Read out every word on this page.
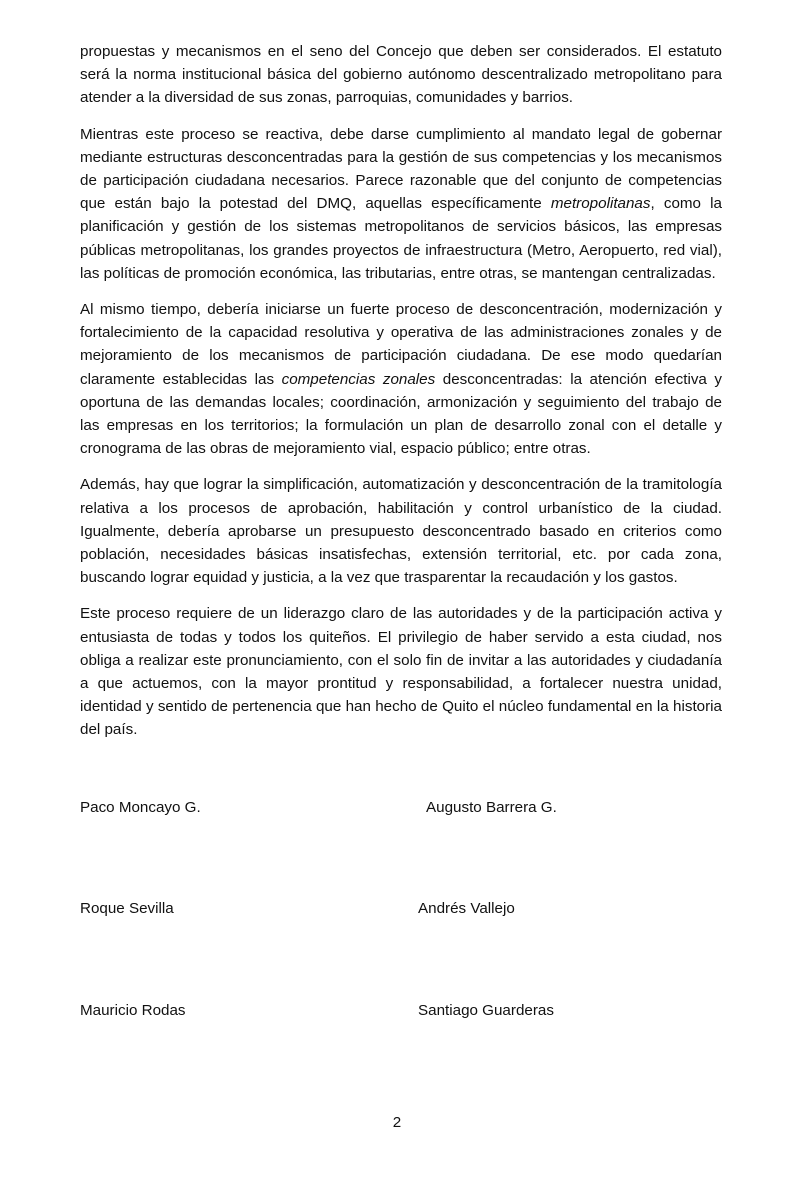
propuestas y mecanismos en el seno del Concejo que deben ser considerados. El estatuto será la norma institucional básica del gobierno autónomo descentralizado metropolitano para atender a la diversidad de sus zonas, parroquias, comunidades y barrios.

Mientras este proceso se reactiva, debe darse cumplimiento al mandato legal de gobernar mediante estructuras desconcentradas para la gestión de sus competencias y los mecanismos de participación ciudadana necesarios. Parece razonable que del conjunto de competencias que están bajo la potestad del DMQ, aquellas específicamente metropolitanas, como la planificación y gestión de los sistemas metropolitanos de servicios básicos, las empresas públicas metropolitanas, los grandes proyectos de infraestructura (Metro, Aeropuerto, red vial), las políticas de promoción económica, las tributarias, entre otras, se mantengan centralizadas.

Al mismo tiempo, debería iniciarse un fuerte proceso de desconcentración, modernización y fortalecimiento de la capacidad resolutiva y operativa de las administraciones zonales y de mejoramiento de los mecanismos de participación ciudadana. De ese modo quedarían claramente establecidas las competencias zonales desconcentradas: la atención efectiva y oportuna de las demandas locales; coordinación, armonización y seguimiento del trabajo de las empresas en los territorios; la formulación un plan de desarrollo zonal con el detalle y cronograma de las obras de mejoramiento vial, espacio público; entre otras.

Además, hay que lograr la simplificación, automatización y desconcentración de la tramitología relativa a los procesos de aprobación, habilitación y control urbanístico de la ciudad. Igualmente, debería aprobarse un presupuesto desconcentrado basado en criterios como población, necesidades básicas insatisfechas, extensión territorial, etc. por cada zona, buscando lograr equidad y justicia, a la vez que trasparentar la recaudación y los gastos.

Este proceso requiere de un liderazgo claro de las autoridades y de la participación activa y entusiasta de todas y todos los quiteños. El privilegio de haber servido a esta ciudad, nos obliga a realizar este pronunciamiento, con el solo fin de invitar a las autoridades y ciudadanía a que actuemos, con la mayor prontitud y responsabilidad, a fortalecer nuestra unidad, identidad y sentido de pertenencia que han hecho de Quito el núcleo fundamental en la historia del país.

Paco Moncayo G.	Augusto Barrera G.
Roque Sevilla	Andrés Vallejo
Mauricio Rodas	Santiago Guarderas
2
